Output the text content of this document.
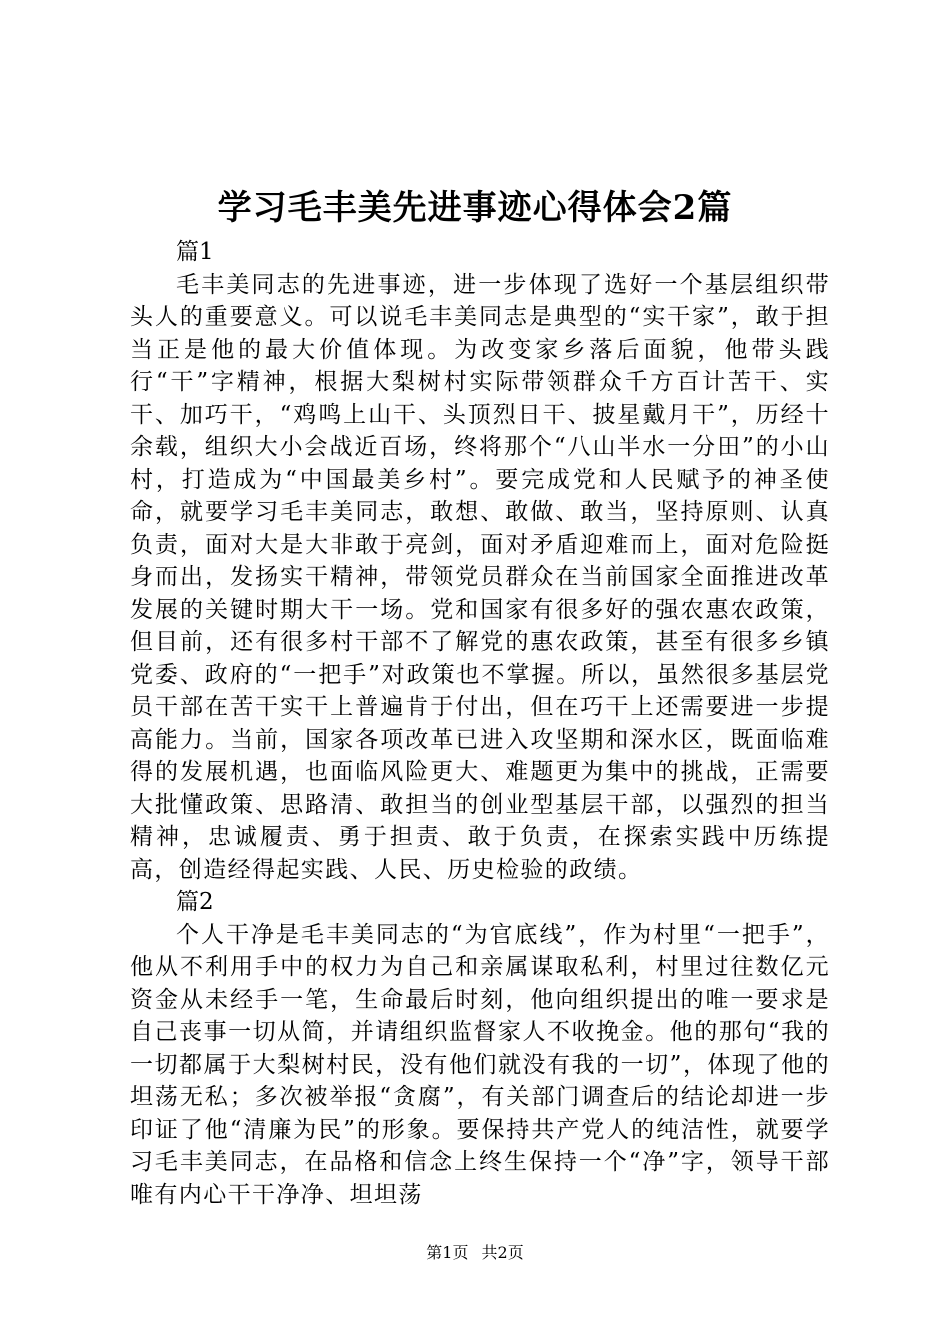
学习毛丰美先进事迹心得体会2篇

篇1

毛丰美同志的先进事迹，进一步体现了选好一个基层组织带头人的重要意义。可以说毛丰美同志是典型的“实干家”，敢于担当正是他的最大价值体现。为改变家乡落后面貌，他带头践行“干”字精神，根据大梨树村实际带领群众千方百计苦干、实干、加巧干，“鸡鸣上山干、头顶烈日干、披星戴月干”，历经十余载，组织大小会战近百场，终将那个“八山半水一分田”的小山村，打造成为“中国最美乡村”。要完成党和人民赋予的神圣使命，就要学习毛丰美同志，敢想、敢做、敢当，坚持原则、认真负责，面对大是大非敢于亮剑，面对矛盾迎难而上，面对危险挺身而出，发扬实干精神，带领党员群众在当前国家全面推进改革发展的关键时期大干一场。党和国家有很多好的强农惠农政策，但目前，还有很多村干部不了解党的惠农政策，甚至有很多乡镇党委、政府的“一把手”对政策也不掌握。所以，虽然很多基层党员干部在苦干实干上普遍肯于付出，但在巧干上还需要进一步提高能力。当前，国家各项改革已进入攻坚期和深水区，既面临难得的发展机遇，也面临风险更大、难题更为集中的挑战，正需要大批懂政策、思路清、敢担当的创业型基层干部，以强烈的担当精神，忠诚履责、勇于担责、敢于负责，在探索实践中历练提高，创造经得起实践、人民、历史检验的政绩。

篇2

个人干净是毛丰美同志的“为官底线”，作为村里“一把手”，他从不利用手中的权力为自己和亲属谋取私利，村里过往数亿元资金从未经手一笔，生命最后时刻，他向组织提出的唯一要求是自己丧事一切从简，并请组织监督家人不收挽金。他的那句“我的一切都属于大梨树村民，没有他们就没有我的一切”，体现了他的坦荡无私；多次被举报“贪腐”，有关部门调查后的结论却进一步印证了他“清廉为民”的形象。要保持共产党人的纯洁性，就要学习毛丰美同志，在品格和信念上终生保持一个“净”字，领导干部唯有内心干干净净、坦坦荡

第1页 共2页
